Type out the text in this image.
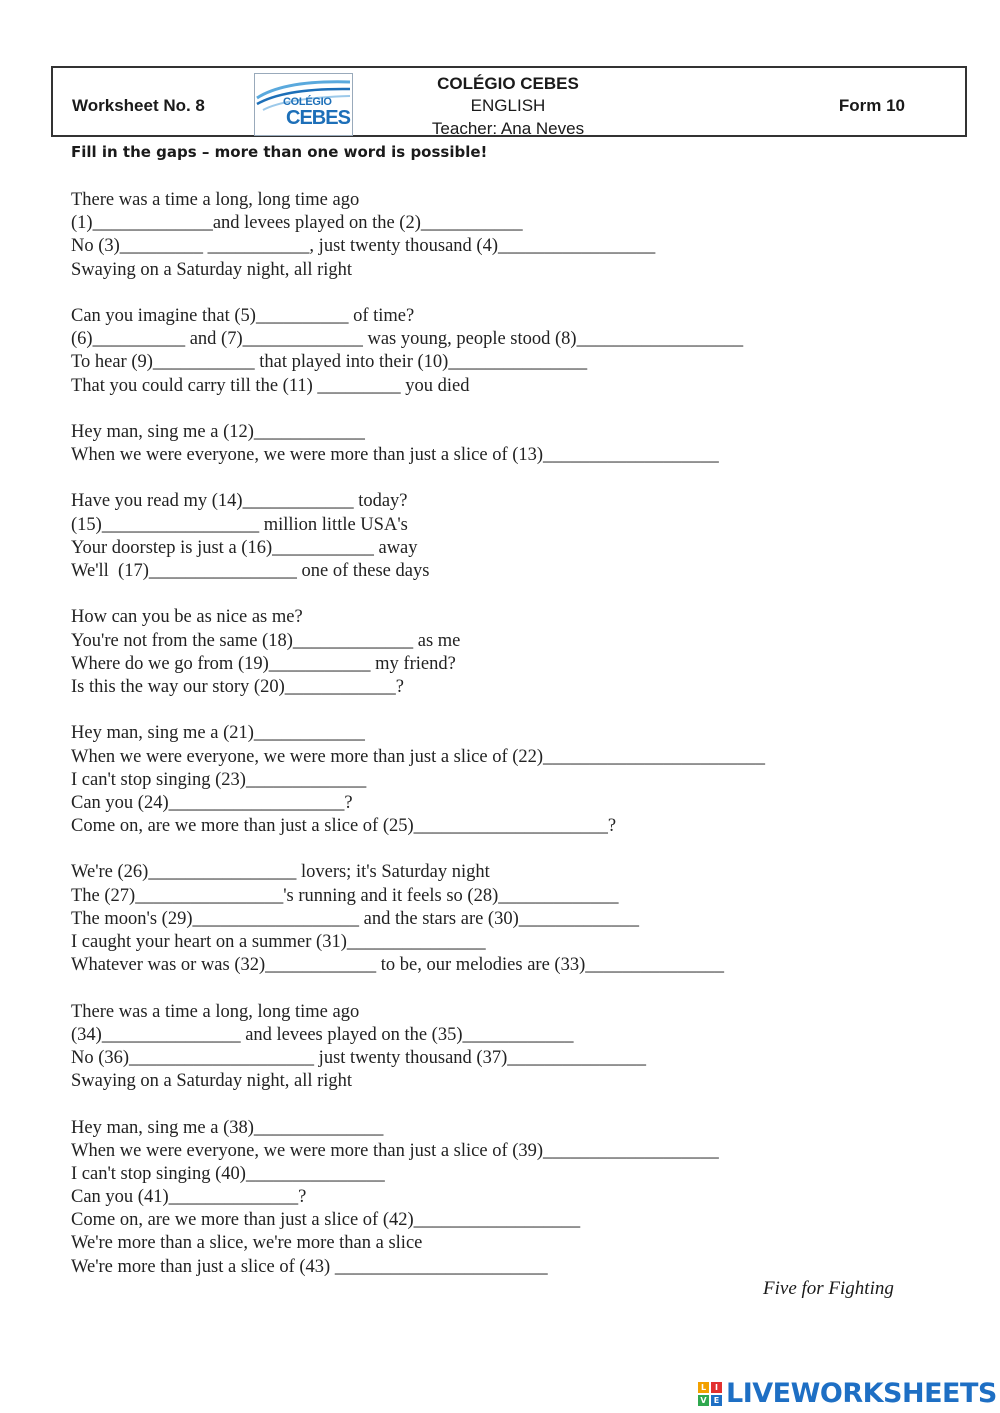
Worksheet No. 8	COLÉGIO
CEBES
COLÉGIO CEBES
ENGLISH
Teacher: Ana Neves
Form 10
Fill in the gaps – more than one word is possible!
There was a time a long, long time ago
(1)_____________and levees played on the (2)___________
No (3)_________ ___________, just twenty thousand (4)_________________
Swaying on a Saturday night, all right
Can you imagine that (5)__________ of time?
(6)__________ and (7)_____________ was young, people stood (8)__________________
To hear (9)___________ that played into their (10)_______________
That you could carry till the (11) _________ you died
Hey man, sing me a (12)____________
When we were everyone, we were more than just a slice of (13)___________________
Have you read my (14)____________ today?
(15)_________________ million little USA's
Your doorstep is just a (16)___________ away
We'll  (17)________________ one of these days
How can you be as nice as me?
You're not from the same (18)_____________ as me
Where do we go from (19)___________ my friend?
Is this the way our story (20)____________?
Hey man, sing me a (21)____________
When we were everyone, we were more than just a slice of (22)________________________
I can't stop singing (23)_____________
Can you (24)___________________?
Come on, are we more than just a slice of (25)_____________________?
We're (26)________________ lovers; it's Saturday night
The (27)________________'s running and it feels so (28)_____________
The moon's (29)__________________ and the stars are (30)_____________
I caught your heart on a summer (31)_______________
Whatever was or was (32)____________ to be, our melodies are (33)_______________
There was a time a long, long time ago
(34)_______________ and levees played on the (35)____________
No (36)____________________ just twenty thousand (37)_______________
Swaying on a Saturday night, all right
Hey man, sing me a (38)______________
When we were everyone, we were more than just a slice of (39)___________________
I can't stop singing (40)_______________
Can you (41)______________?
Come on, are we more than just a slice of (42)__________________
We're more than a slice, we're more than a slice
We're more than just a slice of (43) _______________________
Five for Fighting
L	I
V E LIVEWORKSHEETS
